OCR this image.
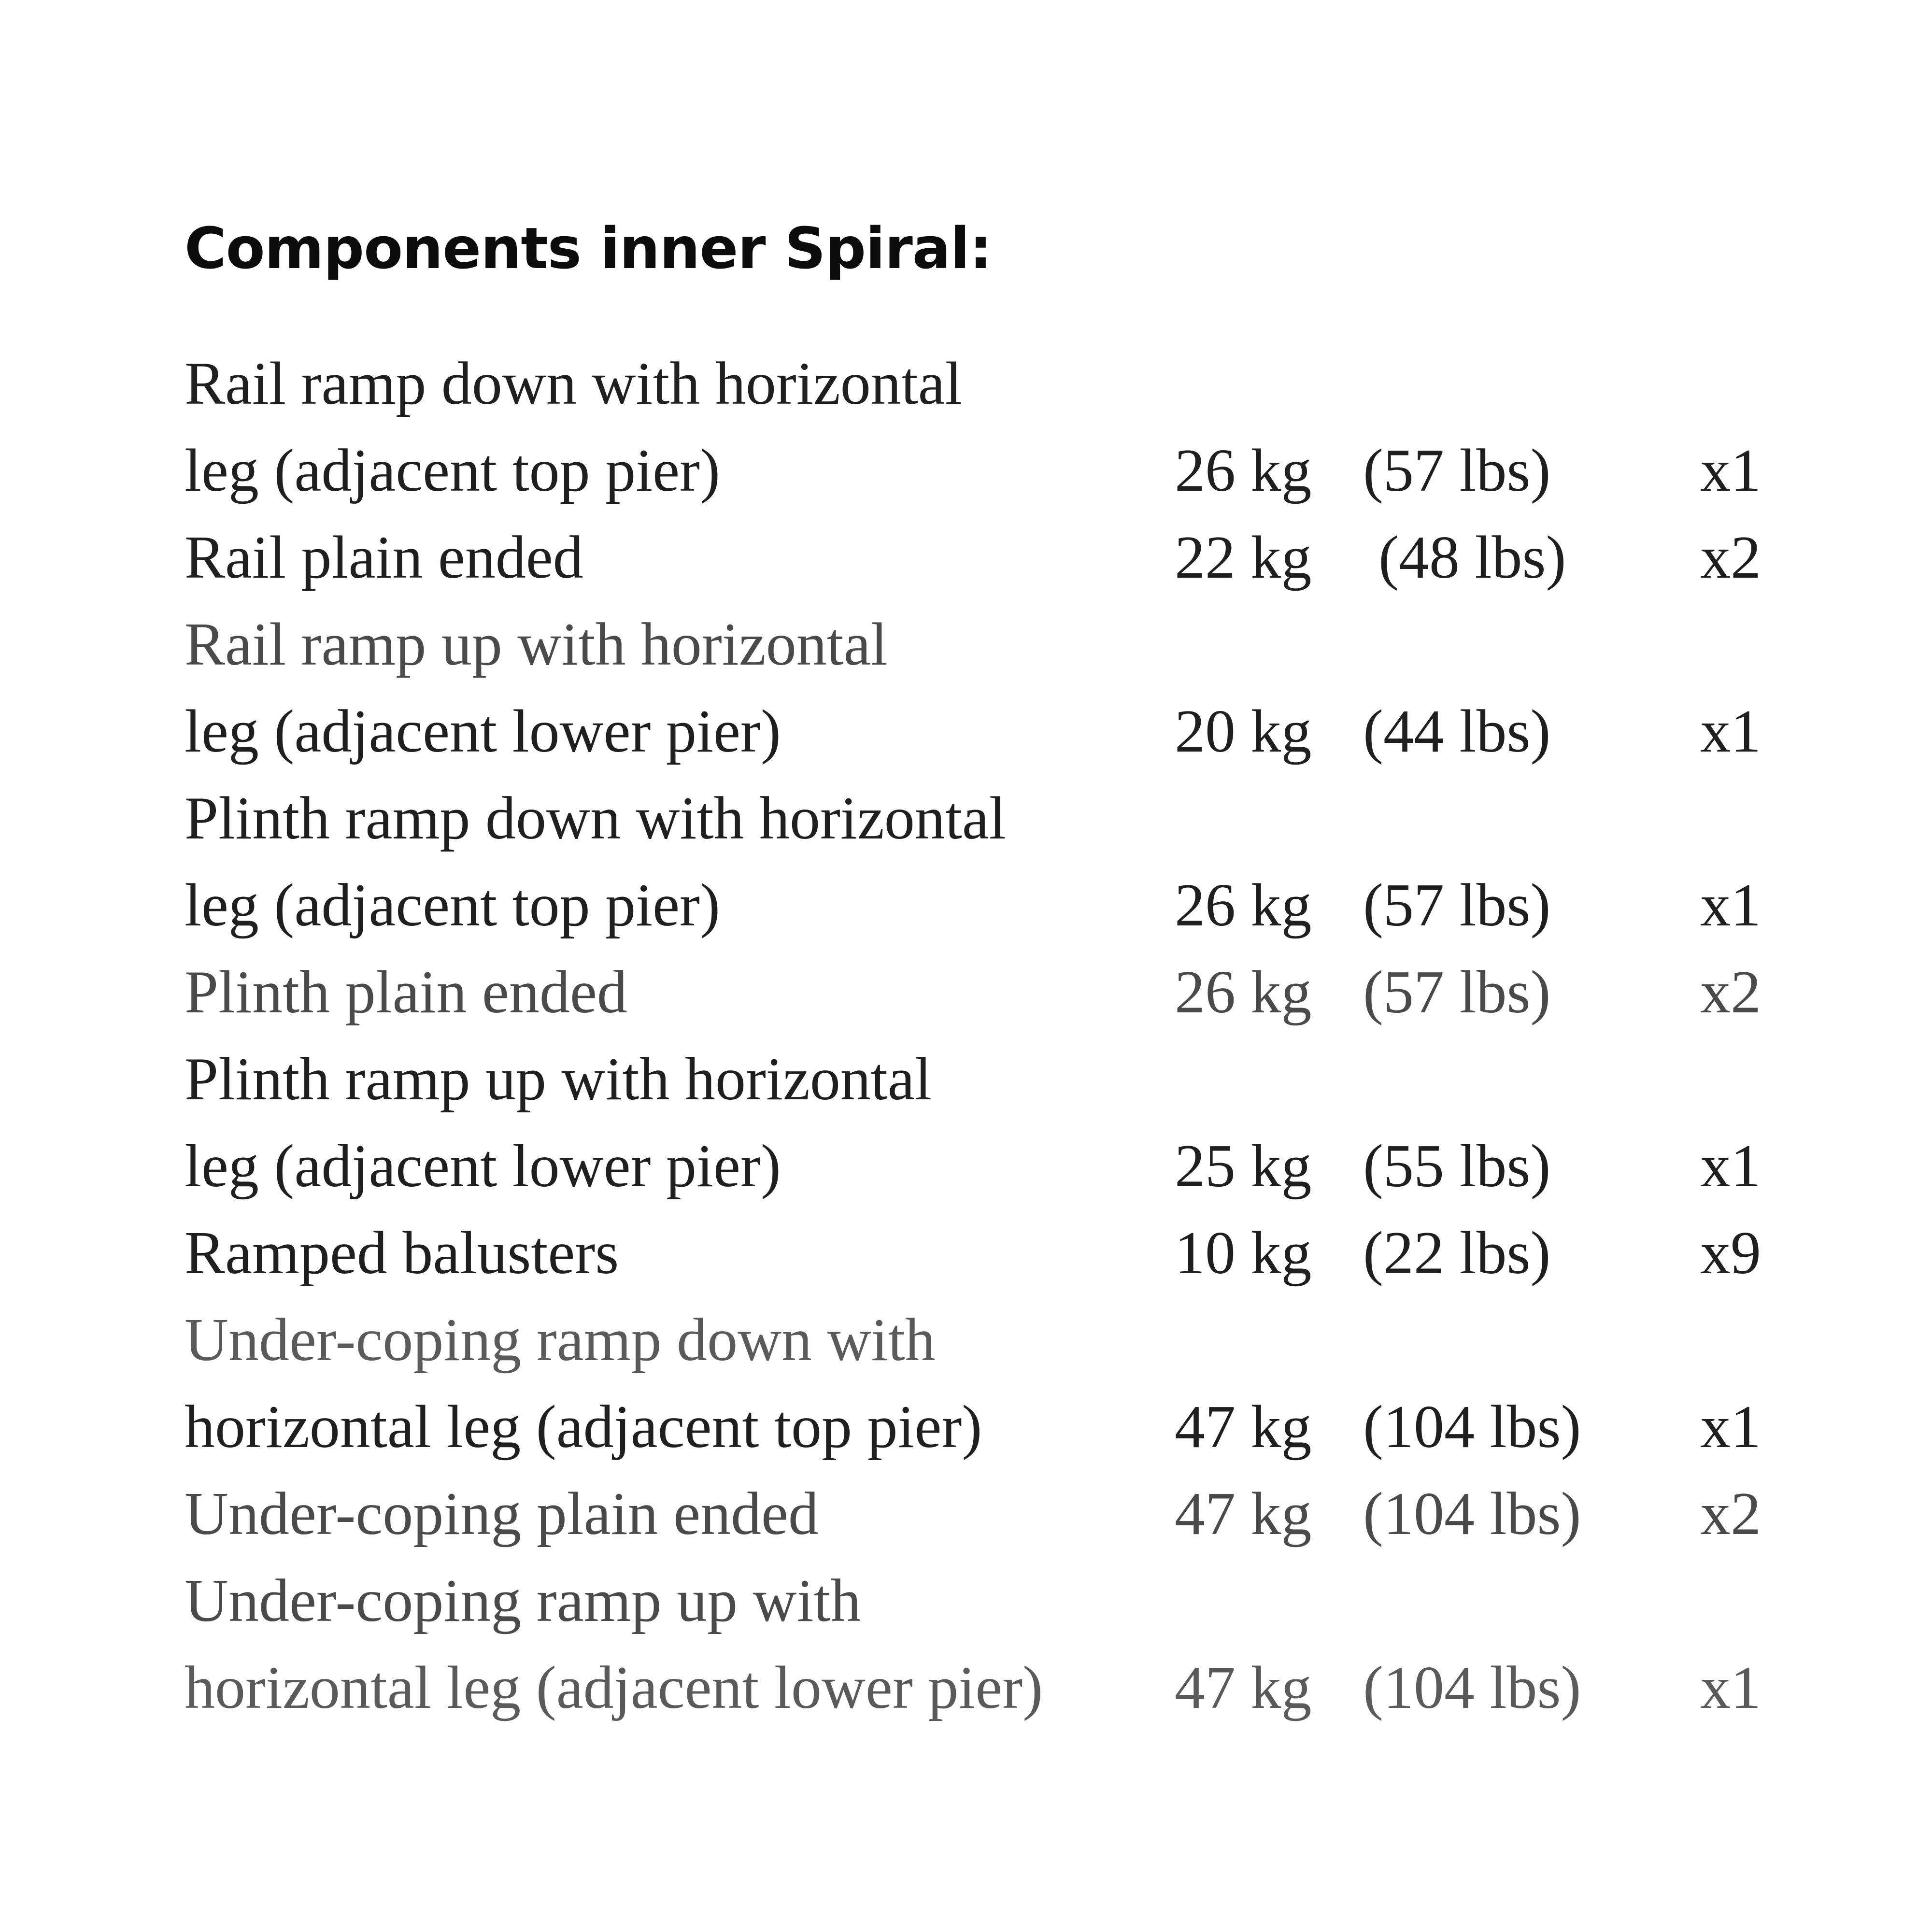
Components inner Spiral:
Rail ramp down with horizontal
leg (adjacent top pier)	26 kg (57 lbs) x1
Rail plain ended	22 kg (48 lbs) x2
Rail ramp up with horizontal
leg (adjacent lower pier)	20 kg (44 lbs) x1
Plinth ramp down with horizontal
leg (adjacent top pier)	26 kg (57 lbs) x1
Plinth plain ended	26 kg (57 lbs) x2
Plinth ramp up with horizontal
leg (adjacent lower pier)	25 kg (55 lbs) x1
Ramped balusters	10 kg (22 lbs) x9
Under-coping ramp down with
horizontal leg (adjacent top pier)	47 kg (104 lbs) x1
Under-coping plain ended	47 kg (104 lbs) x2
Under-coping ramp up with
horizontal leg (adjacent lower pier) 47 kg (104 lbs) x1
